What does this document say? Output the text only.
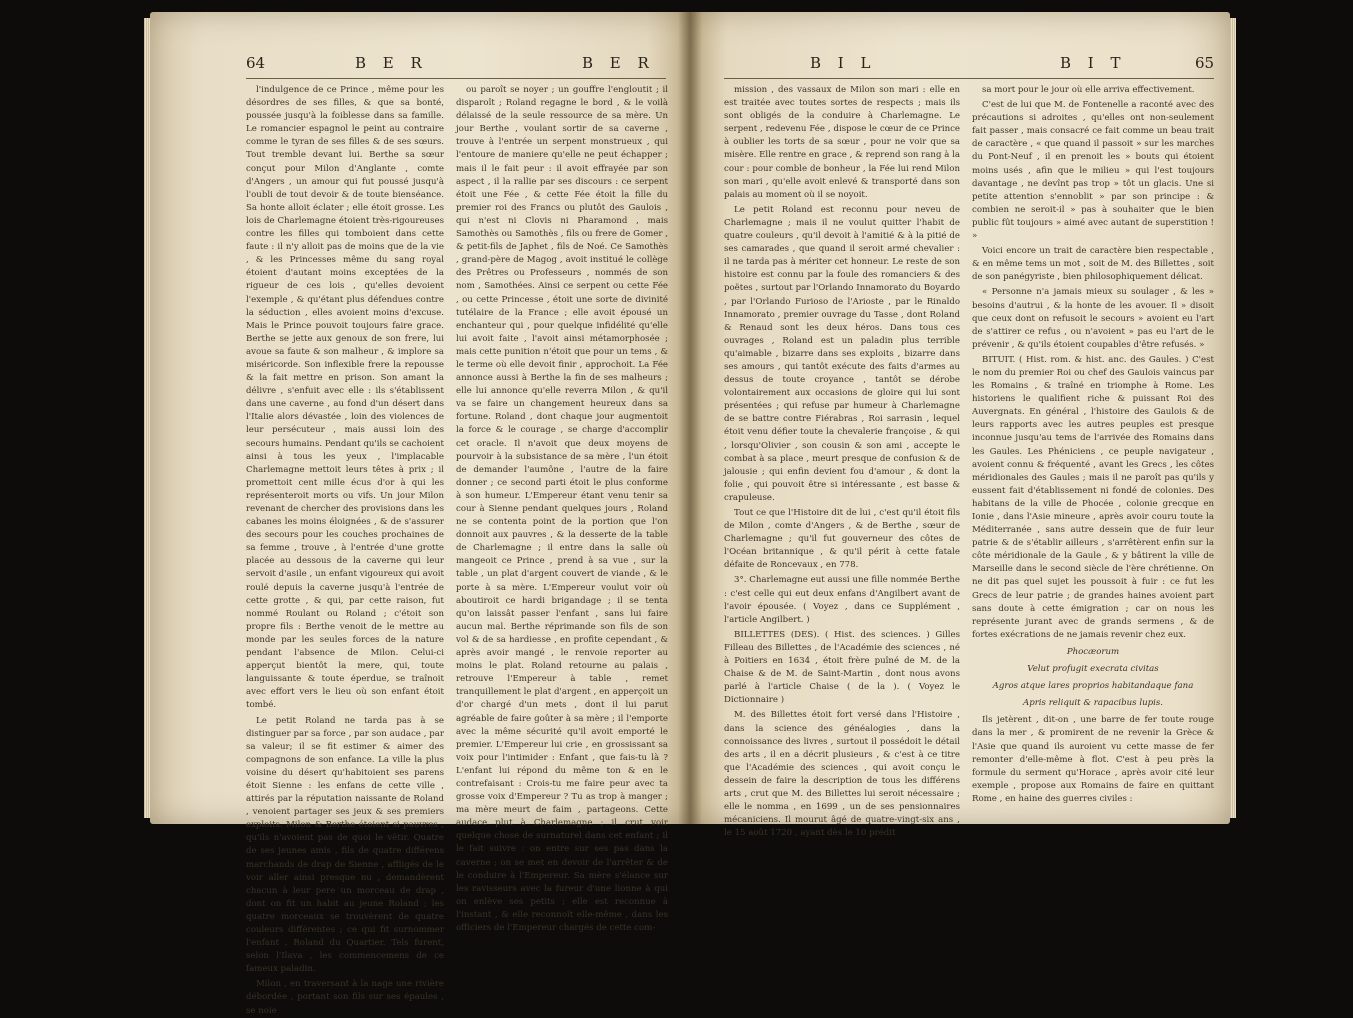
64	B E R	B E R

l'indulgence de ce Prince , même pour les désordres de ses filles, & que sa bonté, poussée jusqu'à la foiblesse dans sa famille. Le romancier espagnol le peint au contraire comme le tyran de ses filles & de ses sœurs. Tout tremble devant lui. Berthe sa sœur conçut pour Milon d'Anglante , comte d'Angers , un amour qui fut poussé jusqu'à l'oubli de tout devoir & de toute bienséance. Sa honte alloit éclater ; elle étoit grosse. Les lois de Charlemagne étoient très-rigoureuses contre les filles qui tomboient dans cette faute : il n'y alloit pas de moins que de la vie , & les Princesses même du sang royal étoient d'autant moins exceptées de la rigueur de ces lois , qu'elles devoient l'exemple , & qu'étant plus défendues contre la séduction , elles avoient moins d'excuse. Mais le Prince pouvoit toujours faire grace. Berthe se jette aux genoux de son frere, lui avoue sa faute & son malheur , & implore sa miséricorde. Son inflexible frere la repousse & la fait mettre en prison. Son amant la délivre , s'enfuit avec elle : ils s'établissent dans une caverne , au fond d'un désert dans l'Italie alors dévastée , loin des violences de leur persécuteur , mais aussi loin des secours humains. Pendant qu'ils se cachoient ainsi à tous les yeux , l'implacable Charlemagne mettoit leurs têtes à prix ; il promettoit cent mille écus d'or à qui les représenteroit morts ou vifs. Un jour Milon revenant de chercher des provisions dans les cabanes les moins éloignées , & de s'assurer des secours pour les couches prochaines de sa femme , trouve , à l'entrée d'une grotte placée au dessous de la caverne qui leur servoit d'asile , un enfant vigoureux qui avoit roulé depuis la caverne jusqu'à l'entrée de cette grotte , & qui, par cette raison, fut nommé Roulant ou Roland ; c'étoit son propre fils : Berthe venoit de le mettre au monde par les seules forces de la nature pendant l'absence de Milon. Celui-ci apperçut bientôt la mere, qui, toute languissante & toute éperdue, se traînoit avec effort vers le lieu où son enfant étoit tombé.

Le petit Roland ne tarda pas à se distinguer par sa force , par son audace , par sa valeur; il se fit estimer & aimer des compagnons de son enfance. La ville la plus voisine du désert qu'habitoient ses parens étoit Sienne : les enfans de cette ville , attirés par la réputation naissante de Roland , venoient partager ses jeux & ses premiers exploits. Milon & Berthe étoient si pauvres , qu'ils n'avoient pas de quoi le vêtir. Quatre de ses jeunes amis , fils de quatre différens marchands de drap de Sienne , affligés de le voir aller ainsi presque nu , demandèrent chacun à leur pere un morceau de drap , dont on fit un habit au jeune Roland ; les quatre morceaux se trouvèrent de quatre couleurs différentes ; ce qui fit surnommer l'enfant , Roland du Quartier. Tels furent, selon l'Ilava , les commencemens de ce fameux paladin.

Milon , en traversant à la nage une rivière débordée , portant son fils sur ses épaules , se noie

ou paroît se noyer ; un gouffre l'engloutit ; il disparoît ; Roland regagne le bord , & le voilà délaissé de la seule ressource de sa mère. Un jour Berthe , voulant sortir de sa caverne , trouve à l'entrée un serpent monstrueux , qui l'entoure de maniere qu'elle ne peut échapper ; mais il le fait peur : il avoit effrayée par son aspect , il la rallie par ses discours : ce serpent étoit une Fée , & cette Fée étoit la fille du premier roi des Francs ou plutôt des Gaulois , qui n'est ni Clovis ni Pharamond , mais Samothès ou Samothès , fils ou frere de Gomer , & petit-fils de Japhet , fils de Noé. Ce Samothès , grand-père de Magog , avoit institué le collège des Prêtres ou Professeurs , nommés de son nom , Samothées. Ainsi ce serpent ou cette Fée , ou cette Princesse , étoit une sorte de divinité tutélaire de la France ; elle avoit épousé un enchanteur qui , pour quelque infidélité qu'elle lui avoit faite , l'avoit ainsi métamorphosée ; mais cette punition n'étoit que pour un tems , & le terme où elle devoit finir , approchoit. La Fée annonce aussi à Berthe la fin de ses malheurs ; elle lui annonce qu'elle reverra Milon , & qu'il va se faire un changement heureux dans sa fortune. Roland , dont chaque jour augmentoit la force & le courage , se charge d'accomplir cet oracle. Il n'avoit que deux moyens de pourvoir à la subsistance de sa mère , l'un étoit de demander l'aumône , l'autre de la faire donner ; ce second parti étoit le plus conforme à son humeur. L'Empereur étant venu tenir sa cour à Sienne pendant quelques jours , Roland ne se contenta point de la portion que l'on donnoit aux pauvres , & la desserte de la table de Charlemagne ; il entre dans la salle où mangeoit ce Prince , prend à sa vue , sur la table , un plat d'argent couvert de viande , & le porte à sa mère. L'Empereur voulut voir où aboutiroit ce hardi brigandage ; il se tenta qu'on laissât passer l'enfant , sans lui faire aucun mal. Berthe réprimande son fils de son vol & de sa hardiesse , en profite cependant , & après avoir mangé , le renvoie reporter au moins le plat. Roland retourne au palais , retrouve l'Empereur à table , remet tranquillement le plat d'argent , en apperçoit un d'or chargé d'un mets , dont il lui parut agréable de faire goûter à sa mère ; il l'emporte avec la même sécurité qu'il avoit emporté le premier. L'Empereur lui crie , en grossissant sa voix pour l'intimider : Enfant , que fais-tu là ? L'enfant lui répond du même ton & en le contrefaisant : Crois-tu me faire peur avec ta grosse voix d'Empereur ? Tu as trop à manger ; ma mère meurt de faim , partageons. Cette audace plut à Charlemagne ; il crut voir quelque chose de surnaturel dans cet enfant ; il le fait suivre : on entre sur ses pas dans la caverne ; on se met en devoir de l'arrêter & de le conduire à l'Empereur. Sa mère s'élance sur les ravisseurs avec la fureur d'une lionne à qui on enlève ses petits ; elle est reconnue à l'instant , & elle reconnoît elle-même , dans les officiers de l'Empereur chargés de cette com-

B I L	B I T	65

mission , des vassaux de Milon son mari : elle en est traitée avec toutes sortes de respects ; mais ils sont obligés de la conduire à Charlemagne. Le serpent , redevenu Fée , dispose le cœur de ce Prince à oublier les torts de sa sœur , pour ne voir que sa misère. Elle rentre en grace , & reprend son rang à la cour : pour comble de bonheur , la Fée lui rend Milon son mari , qu'elle avoit enlevé & transporté dans son palais au moment où il se noyoit.

Le petit Roland est reconnu pour neveu de Charlemagne ; mais il ne voulut quitter l'habit de quatre couleurs , qu'il devoit à l'amitié & à la pitié de ses camarades , que quand il seroit armé chevalier : il ne tarda pas à mériter cet honneur. Le reste de son histoire est connu par la foule des romanciers & des poëtes , surtout par l'Orlando Innamorato du Boyardo , par l'Orlando Furioso de l'Arioste , par le Rinaldo Innamorato , premier ouvrage du Tasse , dont Roland & Renaud sont les deux héros. Dans tous ces ouvrages , Roland est un paladin plus terrible qu'aimable , bizarre dans ses exploits , bizarre dans ses amours , qui tantôt exécute des faits d'armes au dessus de toute croyance , tantôt se dérobe volontairement aux occasions de gloire qui lui sont présentées ; qui refuse par humeur à Charlemagne de se battre contre Fiérabras , Roi sarrasin , lequel étoit venu défier toute la chevalerie françoise , & qui , lorsqu'Olivier , son cousin & son ami , accepte le combat à sa place , meurt presque de confusion & de jalousie ; qui enfin devient fou d'amour , & dont la folie , qui pouvoit être si intéressante , est basse & crapuleuse.

Tout ce que l'Histoire dit de lui , c'est qu'il étoit fils de Milon , comte d'Angers , & de Berthe , sœur de Charlemagne ; qu'il fut gouverneur des côtes de l'Océan britannique , & qu'il périt à cette fatale défaite de Roncevaux , en 778.

3°. Charlemagne eut aussi une fille nommée Berthe : c'est celle qui eut deux enfans d'Angilbert avant de l'avoir épousée. ( Voyez , dans ce Supplément , l'article Angilbert. )

BILLETTES (DES). ( Hist. des sciences. ) Gilles Filleau des Billettes , de l'Académie des sciences , né à Poitiers en 1634 , étoit frère puîné de M. de la Chaise & de M. de Saint-Martin , dont nous avons parlé à l'article Chaise ( de la ). ( Voyez le Dictionnaire )

M. des Billettes étoit fort versé dans l'Histoire , dans la science des généalogies , dans la connoissance des livres , surtout il possédoit le détail des arts , il en a décrit plusieurs , & c'est à ce titre que l'Académie des sciences , qui avoit conçu le dessein de faire la description de tous les différens arts , crut que M. des Billettes lui seroit nécessaire ; elle le nomma , en 1699 , un de ses pensionnaires mécaniciens. Il mourut âgé de quatre-vingt-six ans , le 15 août 1720 , ayant dès le 10 prédit

sa mort pour le jour où elle arriva effectivement.

C'est de lui que M. de Fontenelle a raconté avec des précautions si adroites , qu'elles ont non-seulement fait passer , mais consacré ce fait comme un beau trait de caractère , « que quand il passoit » sur les marches du Pont-Neuf , il en prenoit les » bouts qui étoient moins usés , afin que le milieu » qui l'est toujours davantage , ne devînt pas trop » tôt un glacis. Une si petite attention s'ennoblit » par son principe : & combien ne seroit-il » pas à souhaiter que le bien public fût toujours » aimé avec autant de superstition ! »

Voici encore un trait de caractère bien respectable , & en même tems un mot , soit de M. des Billettes , soit de son panégyriste , bien philosophiquement délicat.

« Personne n'a jamais mieux su soulager , & les » besoins d'autrui , & la honte de les avouer. Il » disoit que ceux dont on refusoit le secours » avoient eu l'art de s'attirer ce refus , ou n'avoient » pas eu l'art de le prévenir , & qu'ils étoient coupables d'être refusés. »

BITUIT. ( Hist. rom. & hist. anc. des Gaules. ) C'est le nom du premier Roi ou chef des Gaulois vaincus par les Romains , & traîné en triomphe à Rome. Les historiens le qualifient riche & puissant Roi des Auvergnats. En général , l'histoire des Gaulois & de leurs rapports avec les autres peuples est presque inconnue jusqu'au tems de l'arrivée des Romains dans les Gaules. Les Phéniciens , ce peuple navigateur , avoient connu & fréquenté , avant les Grecs , les côtes méridionales des Gaules ; mais il ne paroît pas qu'ils y eussent fait d'établissement ni fondé de colonies. Des habitans de la ville de Phocée , colonie grecque en Ionie , dans l'Asie mineure , après avoir couru toute la Méditerranée , sans autre dessein que de fuir leur patrie & de s'établir ailleurs , s'arrêtèrent enfin sur la côte méridionale de la Gaule , & y bâtirent la ville de Marseille dans le second siècle de l'ère chrétienne. On ne dit pas quel sujet les poussoit à fuir : ce fut les Grecs de leur patrie ; de grandes haines avoient part sans doute à cette émigration ; car on nous les représente jurant avec de grands sermens , & de fortes exécrations de ne jamais revenir chez eux.

Phocæorum

Velut profugit execrata civitas

Agros atque lares proprios habitandaque fana

Apris reliquit & rapacibus lupis.

Ils jetèrent , dit-on , une barre de fer toute rouge dans la mer , & promirent de ne revenir la Grèce & l'Asie que quand ils auroient vu cette masse de fer remonter d'elle-même à flot. C'est à peu près la formule du serment qu'Horace , après avoir cité leur exemple , propose aux Romains de faire en quittant Rome , en haine des guerres civiles :
